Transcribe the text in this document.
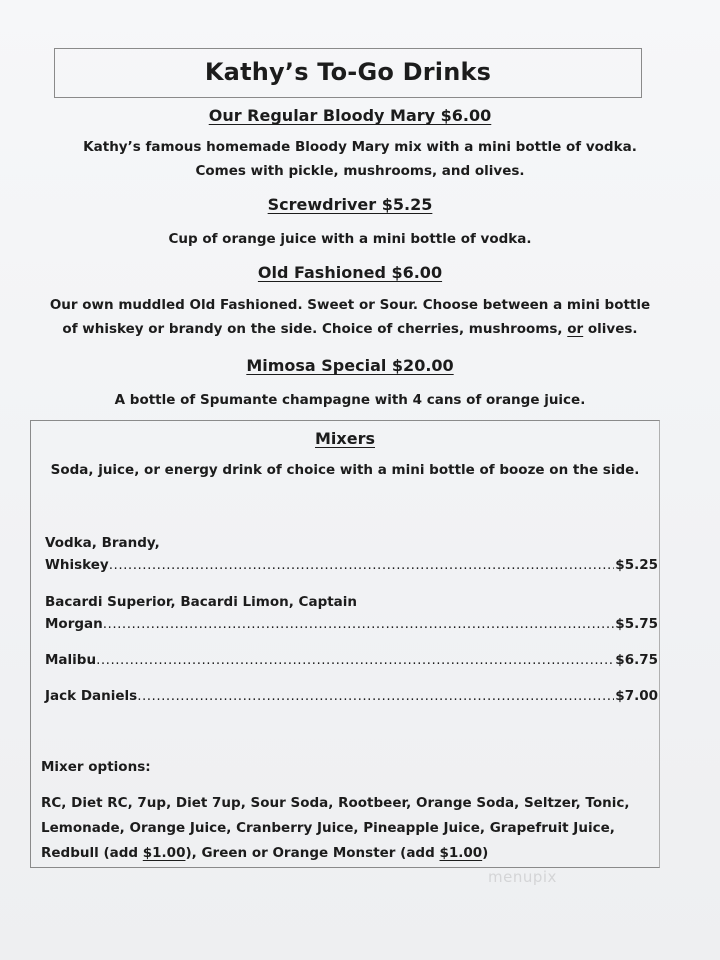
Kathy’s To-Go Drinks
Our Regular Bloody Mary $6.00
Kathy’s famous homemade Bloody Mary mix with a mini bottle of vodka. Comes with pickle, mushrooms, and olives.
Screwdriver $5.25
Cup of orange juice with a mini bottle of vodka.
Old Fashioned $6.00
Our own muddled Old Fashioned. Sweet or Sour. Choose between a mini bottle
of whiskey or brandy on the side. Choice of cherries, mushrooms, or olives.
Mimosa Special $20.00
A bottle of Spumante champagne with 4 cans of orange juice.
Mixers
Soda, juice, or energy drink of choice with a mini bottle of booze on the side.
Vodka, Brandy,
Whiskey .....	$5.25
Bacardi Superior, Bacardi Limon, Captain
Morgan .....	$5.75
Malibu .....	$6.75
Jack Daniels .....	$7.00
Mixer options:
RC, Diet RC, 7up, Diet 7up, Sour Soda, Rootbeer, Orange Soda, Seltzer, Tonic,
Lemonade, Orange Juice, Cranberry Juice, Pineapple Juice, Grapefruit Juice,
Redbull (add $1.00), Green or Orange Monster (add $1.00)
menupix
